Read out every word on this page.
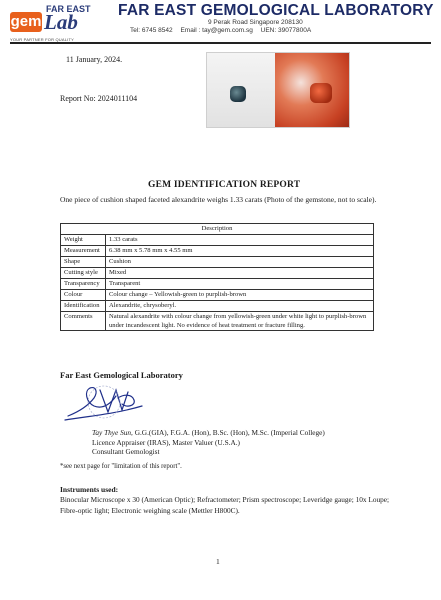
FAR EAST
gem Lab
YOUR PARTNER FOR QUALITY
FAR EAST GEMOLOGICAL LABORATORY
9 Perak Road Singapore 208130
Tel: 6745 8542 Email : tay@gem.com.sg UEN: 39077800A
11 January, 2024.
Report No: 2024011104
GEM IDENTIFICATION REPORT
One piece of cushion shaped faceted alexandrite weighs 1.33 carats (Photo of the gemstone, not to scale).
Description	
Weight	1.33 carats
Measurement	6.38 mm x 5.78 mm x 4.55 mm
Shape	Cushion
Cutting style	Mixed
Transparency	Transparent
Colour	Colour change – Yellowish-green to purplish-brown
Identification	Alexandrite, chrysoberyl.
Comments	Natural alexandrite with colour change from yellowish-green under white light to purplish-brown under incandescent light. No evidence of heat treatment or fracture filling.
Far East Gemological Laboratory
Tay Thye Sun, G.G.(GIA), F.G.A. (Hon), B.Sc. (Hon), M.Sc. (Imperial College)
Licence Appraiser (IRAS), Master Valuer (U.S.A.)
Consultant Gemologist
*see next page for "limitation of this report".
Instruments used:
Binocular Microscope x 30 (American Optic); Refractometer; Prism spectroscope; Leveridge gauge; 10x Loupe; Fibre-optic light; Electronic weighing scale (Mettler H800C).
1
